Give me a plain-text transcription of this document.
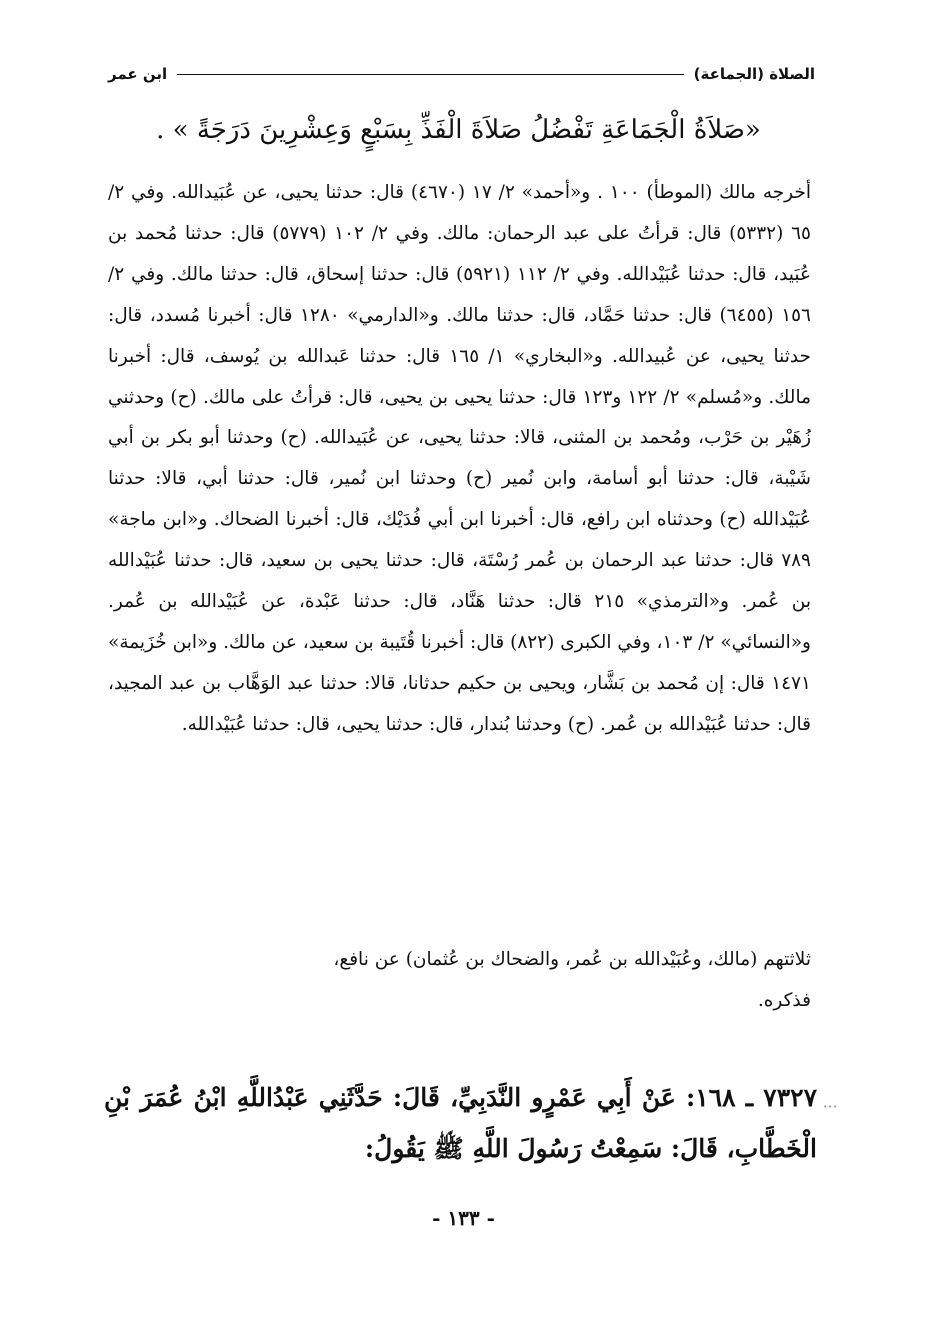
الصلاة (الجماعة)
ابن عمر
«صَلاَةُ الْجَمَاعَةِ تَفْضُلُ صَلاَةَ الْفَذِّ بِسَبْعٍ وَعِشْرِينَ دَرَجَةً » .
أخرجه مالك (الموطأ) ١٠٠ . و«أحمد» ٢/ ١٧ (٤٦٧٠) قال: حدثنا يحيى، عن عُبَيدالله. وفي ٢/ ٦٥ (٥٣٣٢) قال: قرأتُ على عبد الرحمان: مالك. وفي ٢/ ١٠٢ (٥٧٧٩) قال: حدثنا مُحمد بن عُبَيد، قال: حدثنا عُبَيْدالله. وفي ٢/ ١١٢ (٥٩٢١) قال: حدثنا إسحاق، قال: حدثنا مالك. وفي ٢/ ١٥٦ (٦٤٥٥) قال: حدثنا حَمَّاد، قال: حدثنا مالك. و«الدارمي» ١٢٨٠ قال: أخبرنا مُسدد، قال: حدثنا يحيى، عن عُبيدالله. و«البخاري» ١/ ١٦٥ قال: حدثنا عَبدالله بن يُوسف، قال: أخبرنا مالك. و«مُسلم» ٢/ ١٢٢ و١٢٣ قال: حدثنا يحيى بن يحيى، قال: قرأتُ على مالك. (ح) وحدثني زُهَيْر بن حَرْب، ومُحمد بن المثنى، قالا: حدثنا يحيى، عن عُبَيدالله. (ح) وحدثنا أبو بكر بن أبي شَيْبة، قال: حدثنا أبو أسامة، وابن نُمير (ح) وحدثنا ابن نُمير، قال: حدثنا أبي، قالا: حدثنا عُبَيْدالله (ح) وحدثناه ابن رافع، قال: أخبرنا ابن أبي فُدَيْك، قال: أخبرنا الضحاك. و«ابن ماجة» ٧٨٩ قال: حدثنا عبد الرحمان بن عُمر رُسْتَة، قال: حدثنا يحيى بن سعيد، قال: حدثنا عُبَيْدالله بن عُمر. و«الترمذي» ٢١٥ قال: حدثنا هَنَّاد، قال: حدثنا عَبْدة، عن عُبَيْدالله بن عُمر. و«النسائي» ٢/ ١٠٣، وفي الكبرى (٨٢٢) قال: أخبرنا قُتَيبة بن سعيد، عن مالك. و«ابن خُزَيمة» ١٤٧١ قال: إن مُحمد بن بَشَّار، ويحيى بن حكيم حدثانا، قالا: حدثنا عبد الوَهَّاب بن عبد المجيد، قال: حدثنا عُبَيْدالله بن عُمر. (ح) وحدثنا بُندار، قال: حدثنا يحيى، قال: حدثنا عُبَيْدالله.
ثلاثتهم (مالك، وعُبَيْدالله بن عُمر، والضحاك بن عُثمان) عن نافع،
فذكره.
٧٣٢٧ ـ ١٦٨: عَنْ أَبِي عَمْرٍو النَّدَبِيِّ، قَالَ: حَدَّثَنِي عَبْدُاللَّهِ ابْنُ عُمَرَ بْنِ الْخَطَّابِ، قَالَ: سَمِعْتُ رَسُولَ اللَّهِ ﷺ يَقُولُ:
∙∙∙
- ١٣٣ -
